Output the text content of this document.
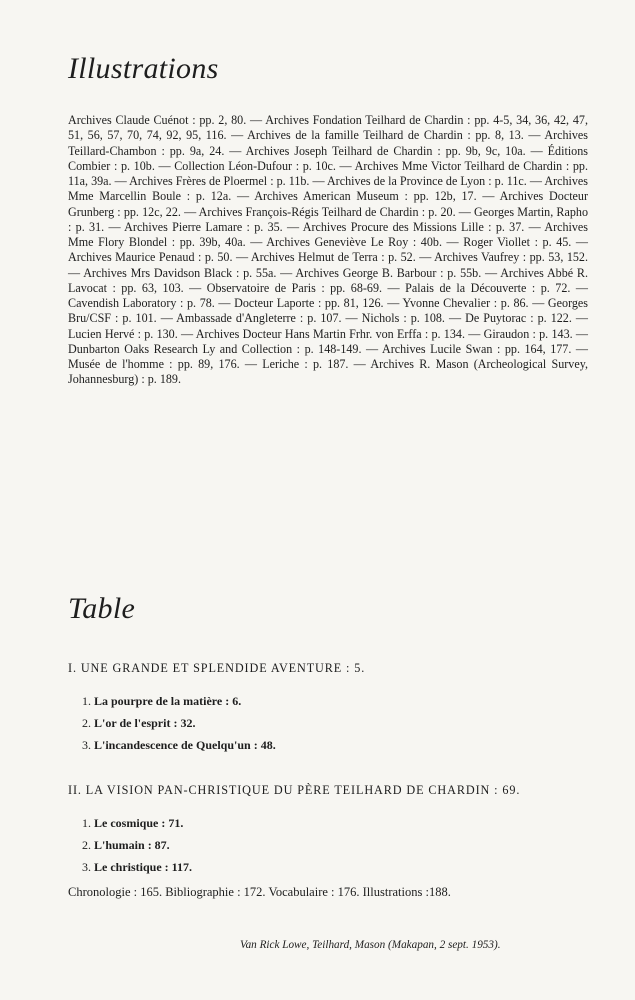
Illustrations

Archives Claude Cuénot : pp. 2, 80. — Archives Fondation Teilhard de Chardin : pp. 4-5, 34, 36, 42, 47, 51, 56, 57, 70, 74, 92, 95, 116. — Archives de la famille Teilhard de Chardin : pp. 8, 13. — Archives Teillard-Chambon : pp. 9a, 24. — Archives Joseph Teilhard de Chardin : pp. 9b, 9c, 10a. — Éditions Combier : p. 10b. — Collection Léon-Dufour : p. 10c. — Archives Mme Victor Teilhard de Chardin : pp. 11a, 39a. — Archives Frères de Ploermel : p. 11b. — Archives de la Province de Lyon : p. 11c. — Archives Mme Marcellin Boule : p. 12a. — Archives American Museum : pp. 12b, 17. — Archives Docteur Grunberg : pp. 12c, 22. — Archives François-Régis Teilhard de Chardin : p. 20. — Georges Martin, Rapho : p. 31. — Archives Pierre Lamare : p. 35. — Archives Procure des Missions Lille : p. 37. — Archives Mme Flory Blondel : pp. 39b, 40a. — Archives Geneviève Le Roy : 40b. — Roger Viollet : p. 45. — Archives Maurice Penaud : p. 50. — Archives Helmut de Terra : p. 52. — Archives Vaufrey : pp. 53, 152. — Archives Mrs Davidson Black : p. 55a. — Archives George B. Barbour : p. 55b. — Archives Abbé R. Lavocat : pp. 63, 103. — Observatoire de Paris : pp. 68-69. — Palais de la Découverte : p. 72. — Cavendish Laboratory : p. 78. — Docteur Laporte : pp. 81, 126. — Yvonne Chevalier : p. 86. — Georges Bru/CSF : p. 101. — Ambassade d'Angleterre : p. 107. — Nichols : p. 108. — De Puytorac : p. 122. — Lucien Hervé : p. 130. — Archives Docteur Hans Martin Frhr. von Erffa : p. 134. — Giraudon : p. 143. — Dunbarton Oaks Research Ly and Collection : p. 148-149. — Archives Lucile Swan : pp. 164, 177. — Musée de l'homme : pp. 89, 176. — Leriche : p. 187. — Archives R. Mason (Archeological Survey, Johannesburg) : p. 189.

Table
I. UNE GRANDE ET SPLENDIDE AVENTURE : 5.
1. La pourpre de la matière : 6.
2. L'or de l'esprit : 32.
3. L'incandescence de Quelqu'un : 48.
II. LA VISION PAN-CHRISTIQUE DU PÈRE TEILHARD DE CHARDIN : 69.
1. Le cosmique : 71.
2. L'humain : 87.
3. Le christique : 117.
Chronologie : 165. Bibliographie : 172. Vocabulaire : 176. Illustrations :188.
Van Rick Lowe, Teilhard, Mason (Makapan, 2 sept. 1953).
